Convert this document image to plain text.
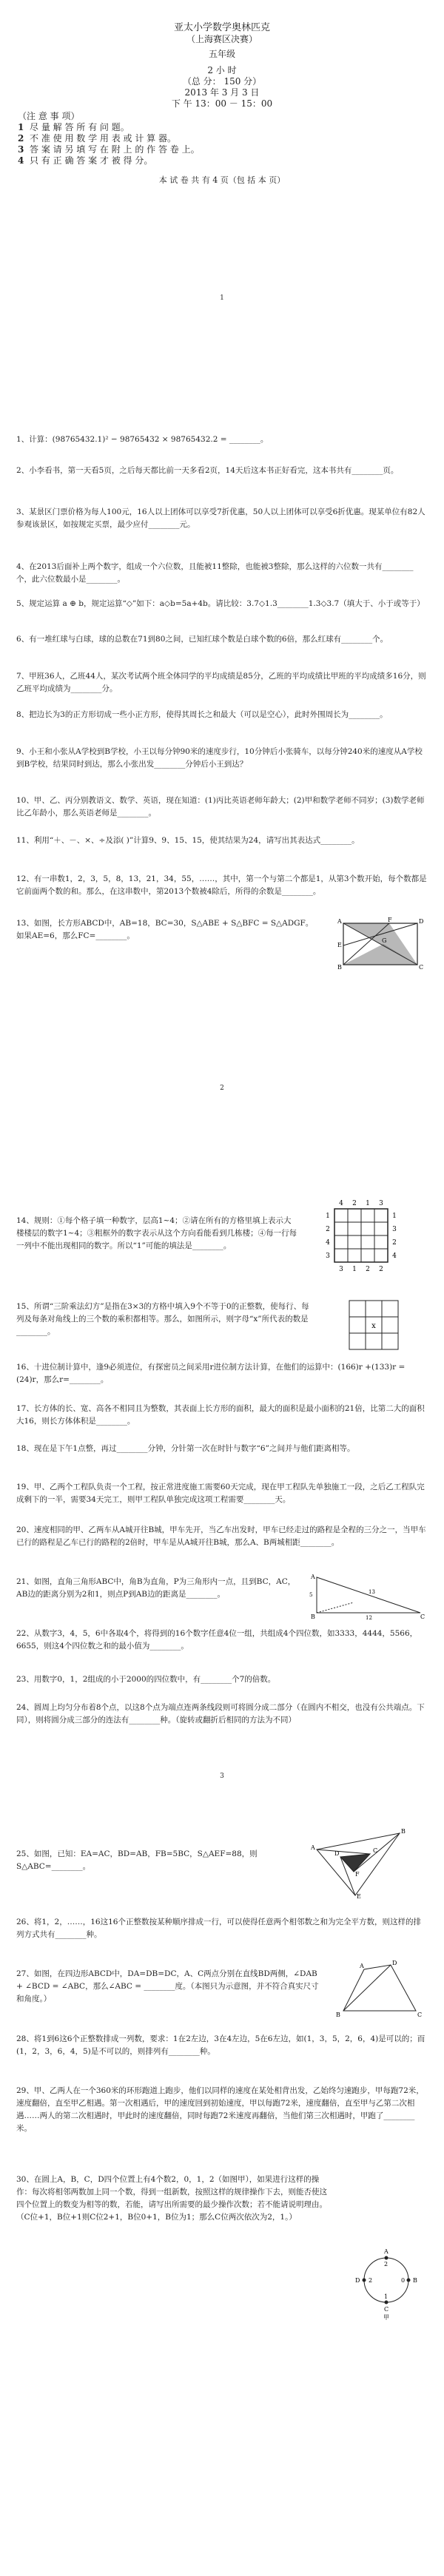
亚太小学数学奥林匹克
（上海赛区决赛）
五年级
2 小 时
（总 分： 150 分）
2013 年 3 月 3 日
下 午 13：00 － 15：00
（注 意 事 项）
1 尽 量 解 答 所 有 问 题。
2 不 准 使 用 数 学 用 表 或 计 算 器。
3 答 案 请 另 填 写 在 附 上 的 作 答 卷 上。
4 只 有 正 确 答 案 才 被 得 分。
本 试 卷 共 有 4 页（包 括 本 页）
1
1、计算：(98765432.1)² − 98765432 × 98765432.2 = ________。
2、小李看书，第一天看5页，之后每天都比前一天多看2页，14天后这本书正好看完，这本书共有________页。
3、某景区门票价格为每人100元，16人以上团体可以享受7折优惠，50人以上团体可以享受6折优惠。现某单位有82人参观该景区，如按规定买票，最少应付________元。
4、在2013后面补上两个数字，组成一个六位数，且能被11整除，也能被3整除，那么这样的六位数一共有________个，此六位数最小是________。
5、规定运算 a ⊕ b，规定运算“◇”如下：a◇b=5a+4b。请比较：3.7◇1.3________1.3◇3.7（填大于、小于或等于）
6、有一堆红球与白球，球的总数在71到80之间，已知红球个数是白球个数的6倍，那么红球有________个。
7、甲班36人，乙班44人，某次考试两个班全体同学的平均成绩是85分，乙班的平均成绩比甲班的平均成绩多16分，则乙班平均成绩为________分。
8、把边长为3的正方形切成一些小正方形，使得其周长之和最大（可以是空心），此时外围周长为________。
9、小王和小张从A学校到B学校，小王以每分钟90米的速度步行，10分钟后小张骑车，以每分钟240米的速度从A学校到B学校，结果同时到达，那么小张出发________分钟后小王到达？
10、甲、乙、丙分别教语文、数学、英语，现在知道：(1)丙比英语老师年龄大；(2)甲和数学老师不同岁；(3)数学老师比乙年龄小，那么英语老师是________。
11、利用“＋、－、×、÷及添( )”计算9、9、15、15，使其结果为24，请写出其表达式________。
12、有一串数1，2，3，5，8，13，21，34，55，……，其中，第一个与第二个都是1，从第3个数开始，每个数都是它前面两个数的和。那么，在这串数中，第2013个数被4除后，所得的余数是________。
13、如图，长方形ABCD中，AB=18，BC=30，S△ABE + S△BFC = S△ADGF。如果AE=6，那么FC=________。
A
B	C
D
E
F
G
2
14、规则：①每个格子填一种数字，层高1~4；②请在所有的方格里填上表示大楼楼层的数字1~4；③粗框外的数字表示从这个方向看能看到几栋楼；④每一行每一列中不能出现相同的数字。所以“1”可能的填法是________。
4 2 1 3
1
2
4
3
1
3
2
4
3 1 2 2
15、所谓“三阶乘法幻方”是指在3×3的方格中填入9个不等于0的正整数，使每行、每列及每条对角线上的三个数的乘积都相等。那么，如图所示，则字母“x”所代表的数是________。
x
16、十进位制计算中，逢9必须进位，有探密员之间采用r进位制方法计算，在他们的运算中：(166)r +(133)r =(24)r，那么r=________。
17、长方体的长、宽、高各不相同且为整数，其表面上长方形的面积，最大的面积是最小面积的21倍，比第二大的面积大16，则长方体体积是________。
18、现在是下午1点整，再过________分钟，分针第一次在时针与数字“6”之间并与他们距离相等。
19、甲、乙两个工程队负责一个工程，按正常进度施工需要60天完成，现在甲工程队先单独施工一段，之后乙工程队完成剩下的一半，需要34天完工，则甲工程队单独完成这项工程需要________天。
20、速度相同的甲、乙两车从A城开往B城，甲车先开，当乙车出发时，甲车已经走过的路程是全程的三分之一，当甲车已行的路程是乙车已行的路程的2倍时，甲车是从A城开往B城，那么A、B两城相距________。
21、如图，直角三角形ABC中，角B为直角，P为三角形内一点，且到BC，AC，AB边的距离分别为2和1，则点P到AB边的距离是________。
A
B	C
12
5	13
22、从数字3，4，5，6中各取4个，将得到的16个数字任意4位一组，共组成4个四位数，如3333，4444，5566，6655，则这4个四位数之和的最小值为________。
23、用数字0，1，2组成的小于2000的四位数中，有________个7的倍数。
24、圆周上均匀分布着8个点，以这8个点为端点连两条线段则可将圆分成二部分（在圆内不相交，也没有公共端点。下同），则将圆分成三部分的连法有________种。（旋转或翻折后相同的方法为不同）
3
25、如图，已知：EA=AC，BD=AB，FB=5BC，S△AEF=88，则S△ABC=________。
A
B
C
D
E
F
26、将1，2，……，16这16个正整数按某种顺序排成一行，可以使得任意两个相邻数之和为完全平方数，则这样的排列方式共有________种。
27、如图，在四边形ABCD中，DA=DB=DC，A、C两点分别在直线BD两侧，∠DAB + ∠BCD = ∠ABC，那么∠ABC = ________度。（本图只为示意图，并不符合真实尺寸和角度。）
A
B	C
D
28、将1到6这6个正整数排成一列数，要求：1在2左边，3在4左边，5在6左边，如(1，3，5，2，6，4)是可以的；而(1，2，3，6，4，5)是不可以的，则排列有________种。
29、甲、乙两人在一个360米的环形跑道上跑步，他们以同样的速度在某处相背出发，乙始终匀速跑步，甲每跑72米，速度翻倍，直至甲乙相遇。第一次相遇后，甲的速度回到初始速度，甲以每跑72米，速度翻倍，直至甲与乙第二次相遇……两人的第二次相遇时，甲此时的速度翻倍，同时每跑72米速度再翻倍，当他们第三次相遇时，甲跑了________米。
30、在圆上A，B，C，D四个位置上有4个数2，0，1，2（如图甲），如果进行这样的操作：每次将相邻两数加上同一个数，得到一组新数，按照这样的规律操作下去，则能否使这四个位置上的数变为相等的数，若能，请写出所需要的最少操作次数；若不能请说明理由。（C位+1，B位+1则C位2+1，B位0+1，B位为1；那么C位两次依次为2，1。）
A
B
C
D
2
0
1
2
甲
